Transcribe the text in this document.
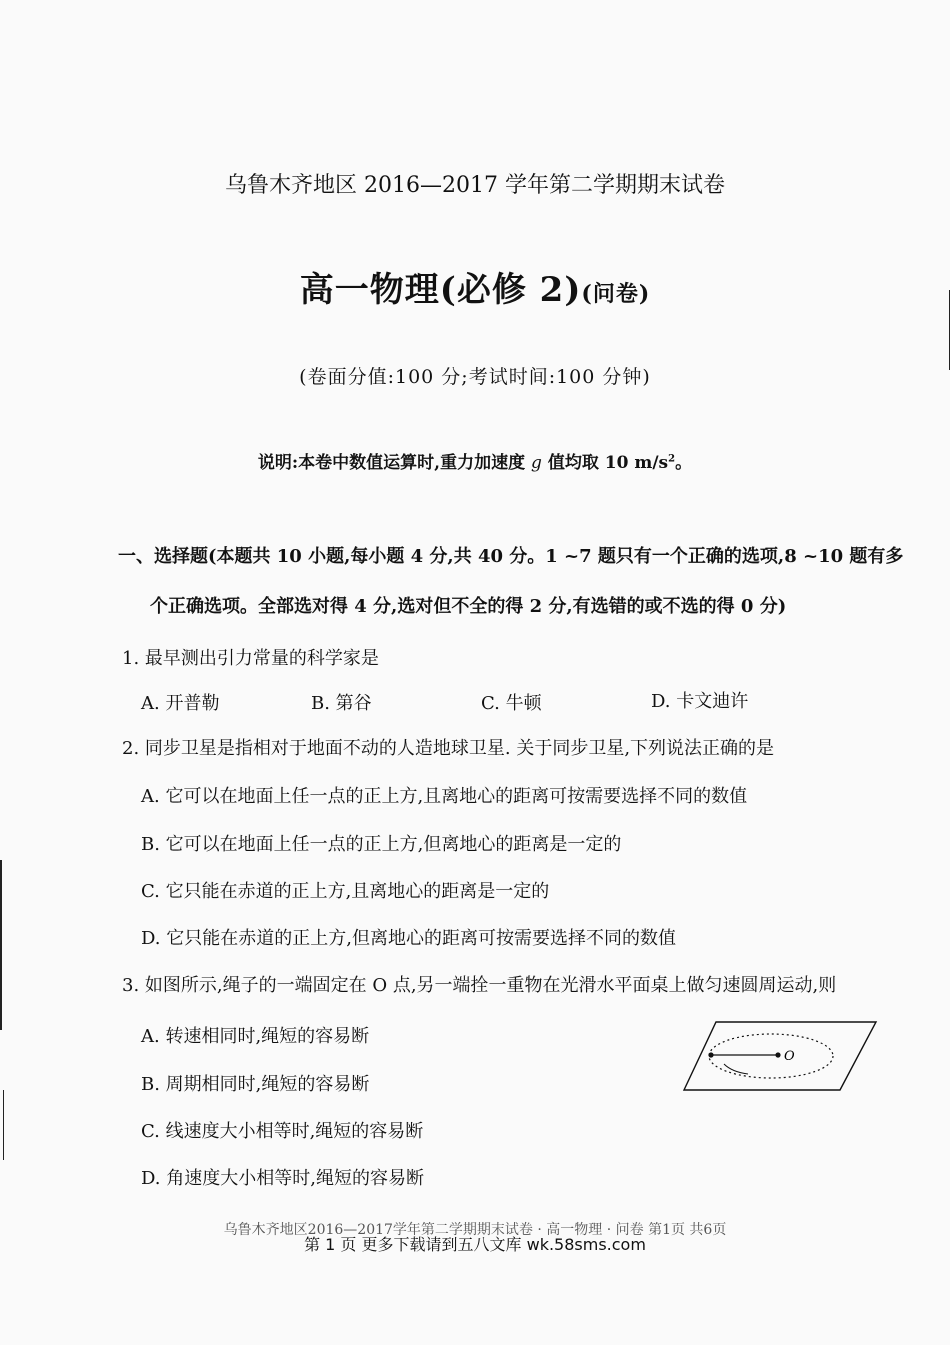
乌鲁木齐地区 2016—2017 学年第二学期期末试卷
高一物理(必修 2)(问卷)
(卷面分值:100 分;考试时间:100 分钟)
说明:本卷中数值运算时,重力加速度 g 值均取 10 $m/s^2$。
一、选择题(本题共 10 小题,每小题 4 分,共 40 分。1 ~7 题只有一个正确的选项,8 ~10 题有多
个正确选项。全部选对得 4 分,选对但不全的得 2 分,有选错的或不选的得 0 分)
1. 最早测出引力常量的科学家是
A. 开普勒	B. 第谷	C. 牛顿	D. 卡文迪许
2. 同步卫星是指相对于地面不动的人造地球卫星. 关于同步卫星,下列说法正确的是
A. 它可以在地面上任一点的正上方,且离地心的距离可按需要选择不同的数值
B. 它可以在地面上任一点的正上方,但离地心的距离是一定的
C. 它只能在赤道的正上方,且离地心的距离是一定的
D. 它只能在赤道的正上方,但离地心的距离可按需要选择不同的数值
3. 如图所示,绳子的一端固定在 O 点,另一端拴一重物在光滑水平面桌上做匀速圆周运动,则
A. 转速相同时,绳短的容易断
B. 周期相同时,绳短的容易断
C. 线速度大小相等时,绳短的容易断
D. 角速度大小相等时,绳短的容易断
O
乌鲁木齐地区2016—2017学年第二学期期末试卷 · 高一物理 · 问卷 第1页 共6页
第 1 页 更多下载请到五八文库 wk.58sms.com
